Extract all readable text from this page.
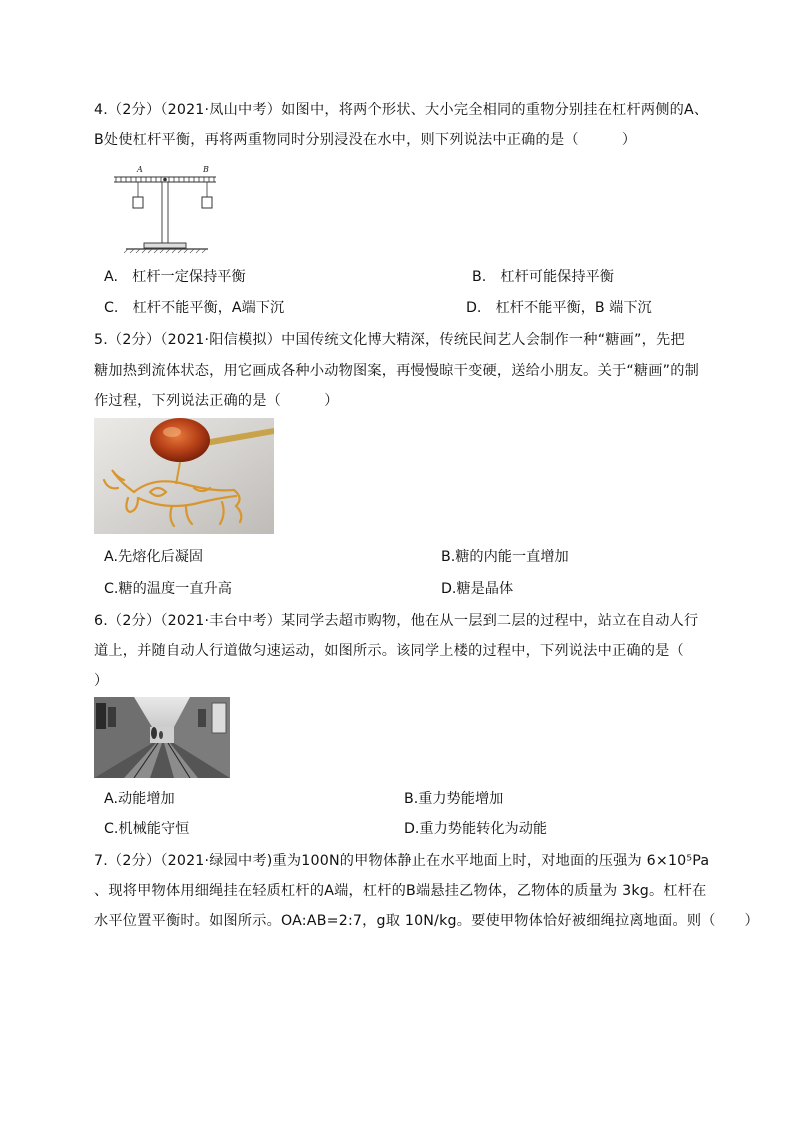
4.（2分）（2021·凤山中考）如图中，将两个形状、大小完全相同的重物分别挂在杠杆两侧的A、
B处使杠杆平衡，再将两重物同时分别浸没在水中，则下列说法中正确的是（　　　）
A	B
A.　杠杆一定保持平衡	B.　杠杆可能保持平衡
C.　杠杆不能平衡，A端下沉	D.　杠杆不能平衡，B 端下沉
5.（2分）（2021·阳信模拟）中国传统文化博大精深，传统民间艺人会制作一种“糖画”，先把
糖加热到流体状态，用它画成各种小动物图案，再慢慢晾干变硬，送给小朋友。关于“糖画”的制
作过程，下列说法正确的是（　　　）
A.先熔化后凝固	B.糖的内能一直增加
C.糖的温度一直升高	D.糖是晶体
6.（2分）（2021·丰台中考）某同学去超市购物，他在从一层到二层的过程中，站立在自动人行
道上，并随自动人行道做匀速运动，如图所示。该同学上楼的过程中，下列说法中正确的是（
）
A.动能增加	B.重力势能增加
C.机械能守恒	D.重力势能转化为动能
7.（2分）（2021·绿园中考)重为100N的甲物体静止在水平地面上时，对地面的压强为 6×10⁵Pa
、现将甲物体用细绳挂在轻质杠杆的A端，杠杆的B端悬挂乙物体，乙物体的质量为 3kg。杠杆在
水平位置平衡时。如图所示。OA:AB=2:7，g取 10N/kg。要使甲物体恰好被细绳拉离地面。则（　　）
